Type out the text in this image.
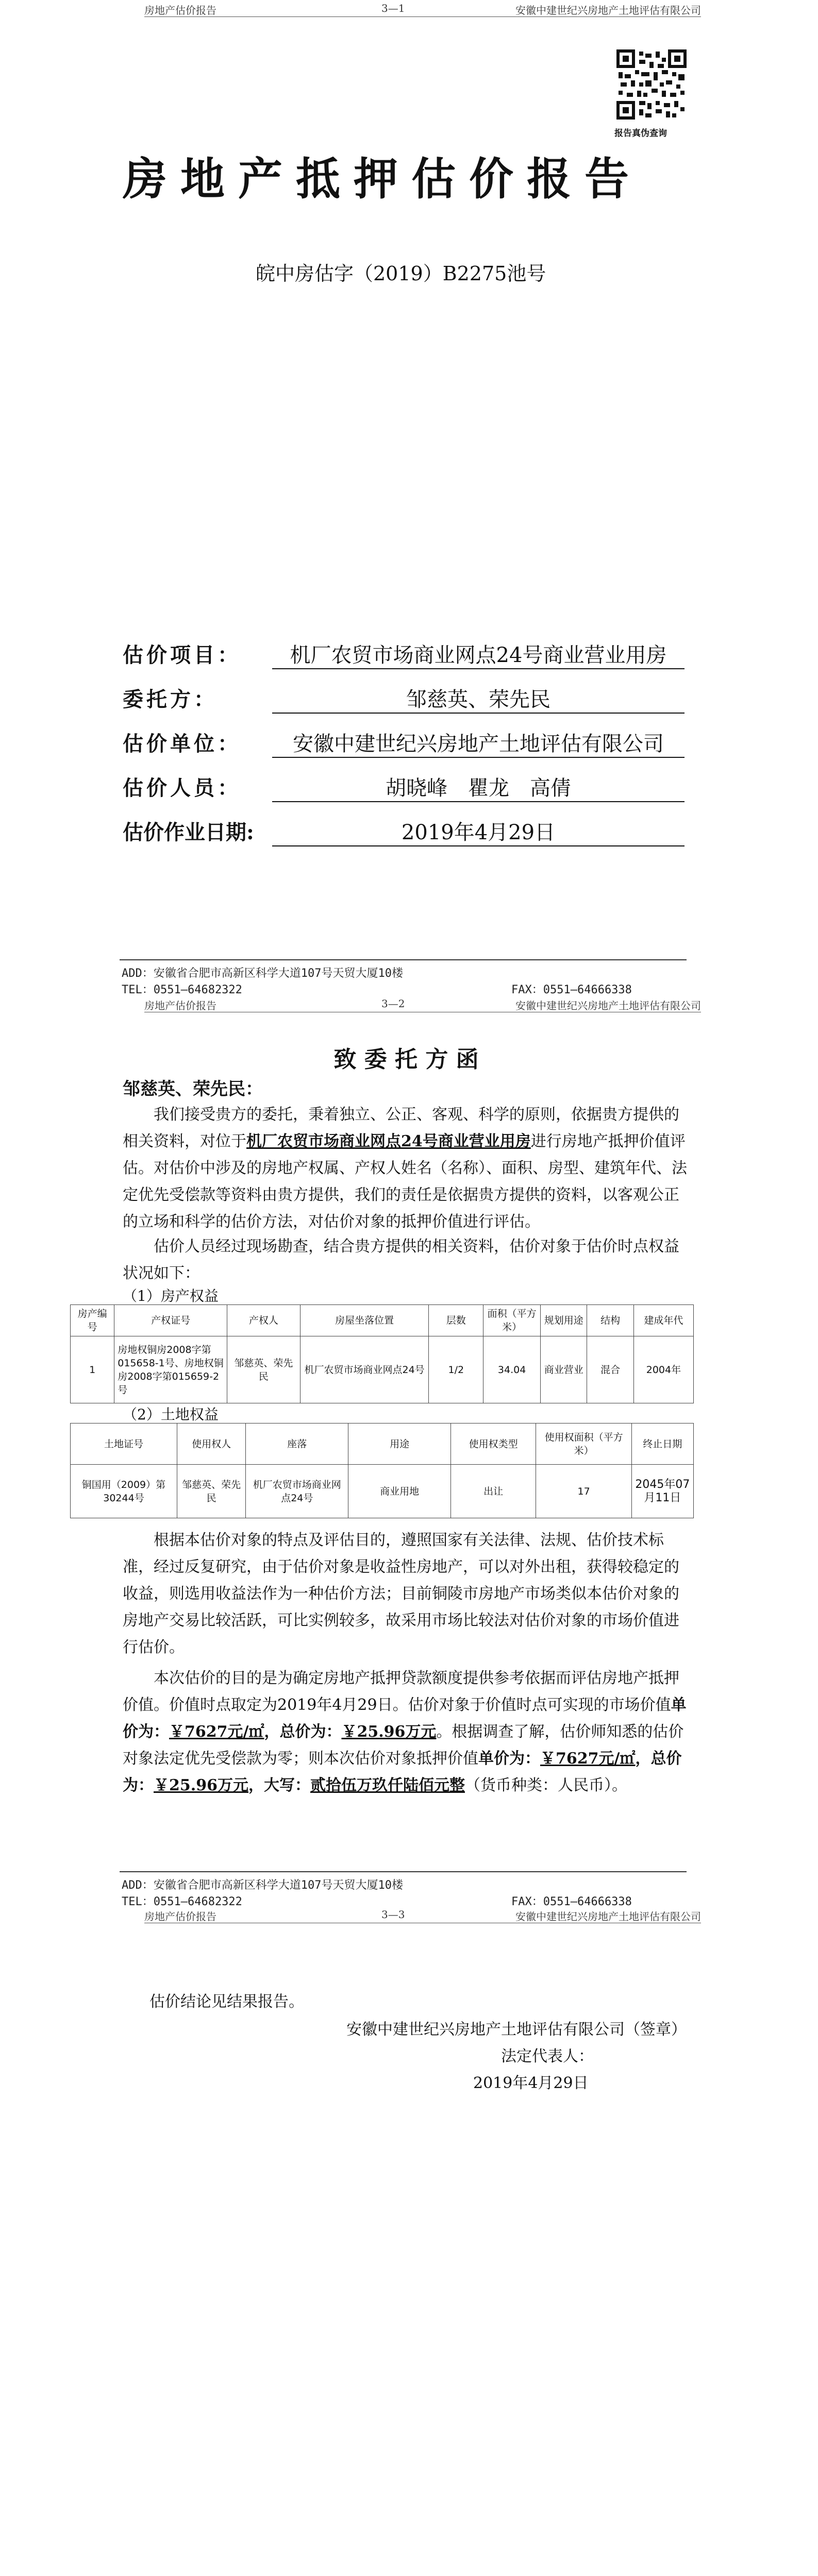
房地产估价报告	3—1	安徽中建世纪兴房地产土地评估有限公司
报告真伪查询
房地产抵押估价报告
皖中房估字（2019）B2275池号
估价项目：	机厂农贸市场商业网点24号商业营业用房
委托方：	邹慈英、荣先民
估价单位：	安徽中建世纪兴房地产土地评估有限公司
估价人员：	胡晓峰　瞿龙　高倩
估价作业日期:	2019年4月29日
ADD：安徽省合肥市高新区科学大道107号天贸大厦10楼
TEL：0551—64682322	FAX：0551—64666338
房地产估价报告	3—2	安徽中建世纪兴房地产土地评估有限公司
致 委 托 方 函
邹慈英、荣先民：
我们接受贵方的委托，秉着独立、公正、客观、科学的原则，依据贵方提供的相关资料，对位于机厂农贸市场商业网点24号商业营业用房进行房地产抵押价值评估。对估价中涉及的房地产权属、产权人姓名（名称）、面积、房型、建筑年代、法定优先受偿款等资料由贵方提供，我们的责任是依据贵方提供的资料，以客观公正的立场和科学的估价方法，对估价对象的抵押价值进行评估。
估价人员经过现场勘查，结合贵方提供的相关资料，估价对象于估价时点权益状况如下：
（1）房产权益
房产编号	产权证号	产权人	房屋坐落位置	层数	面积（平方米）	规划用途	结构	建成年代
1	房地权铜房2008字第015658-1号、房地权铜房2008字第015659-2号	邹慈英、荣先民	机厂农贸市场商业网点24号	1/2	34.04	商业营业	混合	2004年
（2）土地权益
土地证号	使用权人	座落	用途	使用权类型	使用权面积（平方米）	终止日期
铜国用（2009）第30244号	邹慈英、荣先民	机厂农贸市场商业网点24号	商业用地	出让	17	2045年07月11日
根据本估价对象的特点及评估目的，遵照国家有关法律、法规、估价技术标准，经过反复研究，由于估价对象是收益性房地产，可以对外出租，获得较稳定的收益，则选用收益法作为一种估价方法；目前铜陵市房地产市场类似本估价对象的房地产交易比较活跃，可比实例较多，故采用市场比较法对估价对象的市场价值进行估价。
本次估价的目的是为确定房地产抵押贷款额度提供参考依据而评估房地产抵押价值。价值时点取定为2019年4月29日。估价对象于价值时点可实现的市场价值单价为：￥7627元/㎡，总价为：￥25.96万元。根据调查了解，估价师知悉的估价对象法定优先受偿款为零；则本次估价对象抵押价值单价为：￥7627元/㎡，总价为：￥25.96万元，大写：贰拾伍万玖仟陆佰元整（货币种类：人民币）。
ADD：安徽省合肥市高新区科学大道107号天贸大厦10楼
TEL：0551—64682322	FAX：0551—64666338
房地产估价报告	3—3	安徽中建世纪兴房地产土地评估有限公司
估价结论见结果报告。
安徽中建世纪兴房地产土地评估有限公司（签章）
法定代表人：
2019年4月29日
